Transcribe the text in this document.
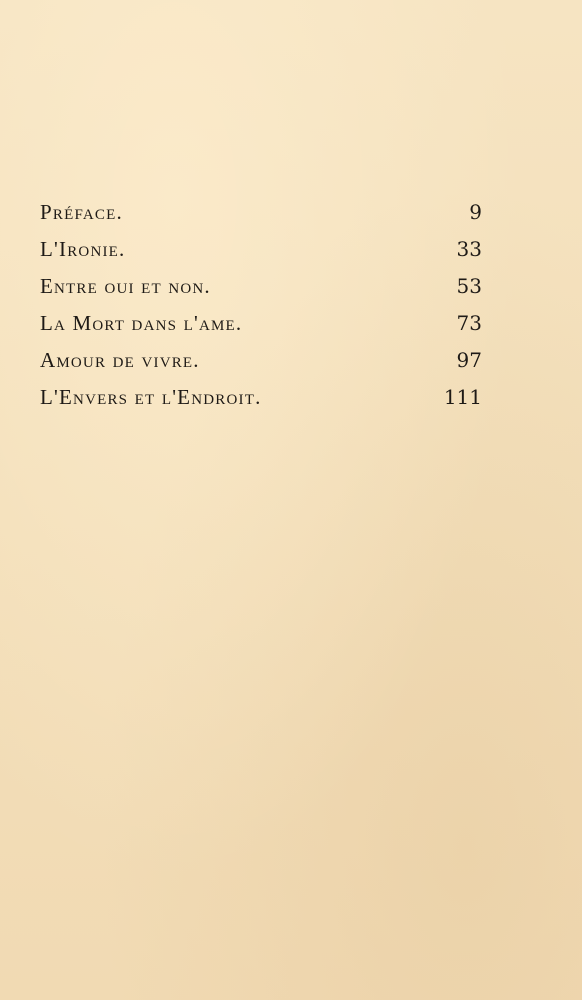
Préface.	9
L'Ironie.	33
Entre oui et non.	53
La Mort dans l'ame.	73
Amour de vivre.	97
L'Envers et l'Endroit.	111
